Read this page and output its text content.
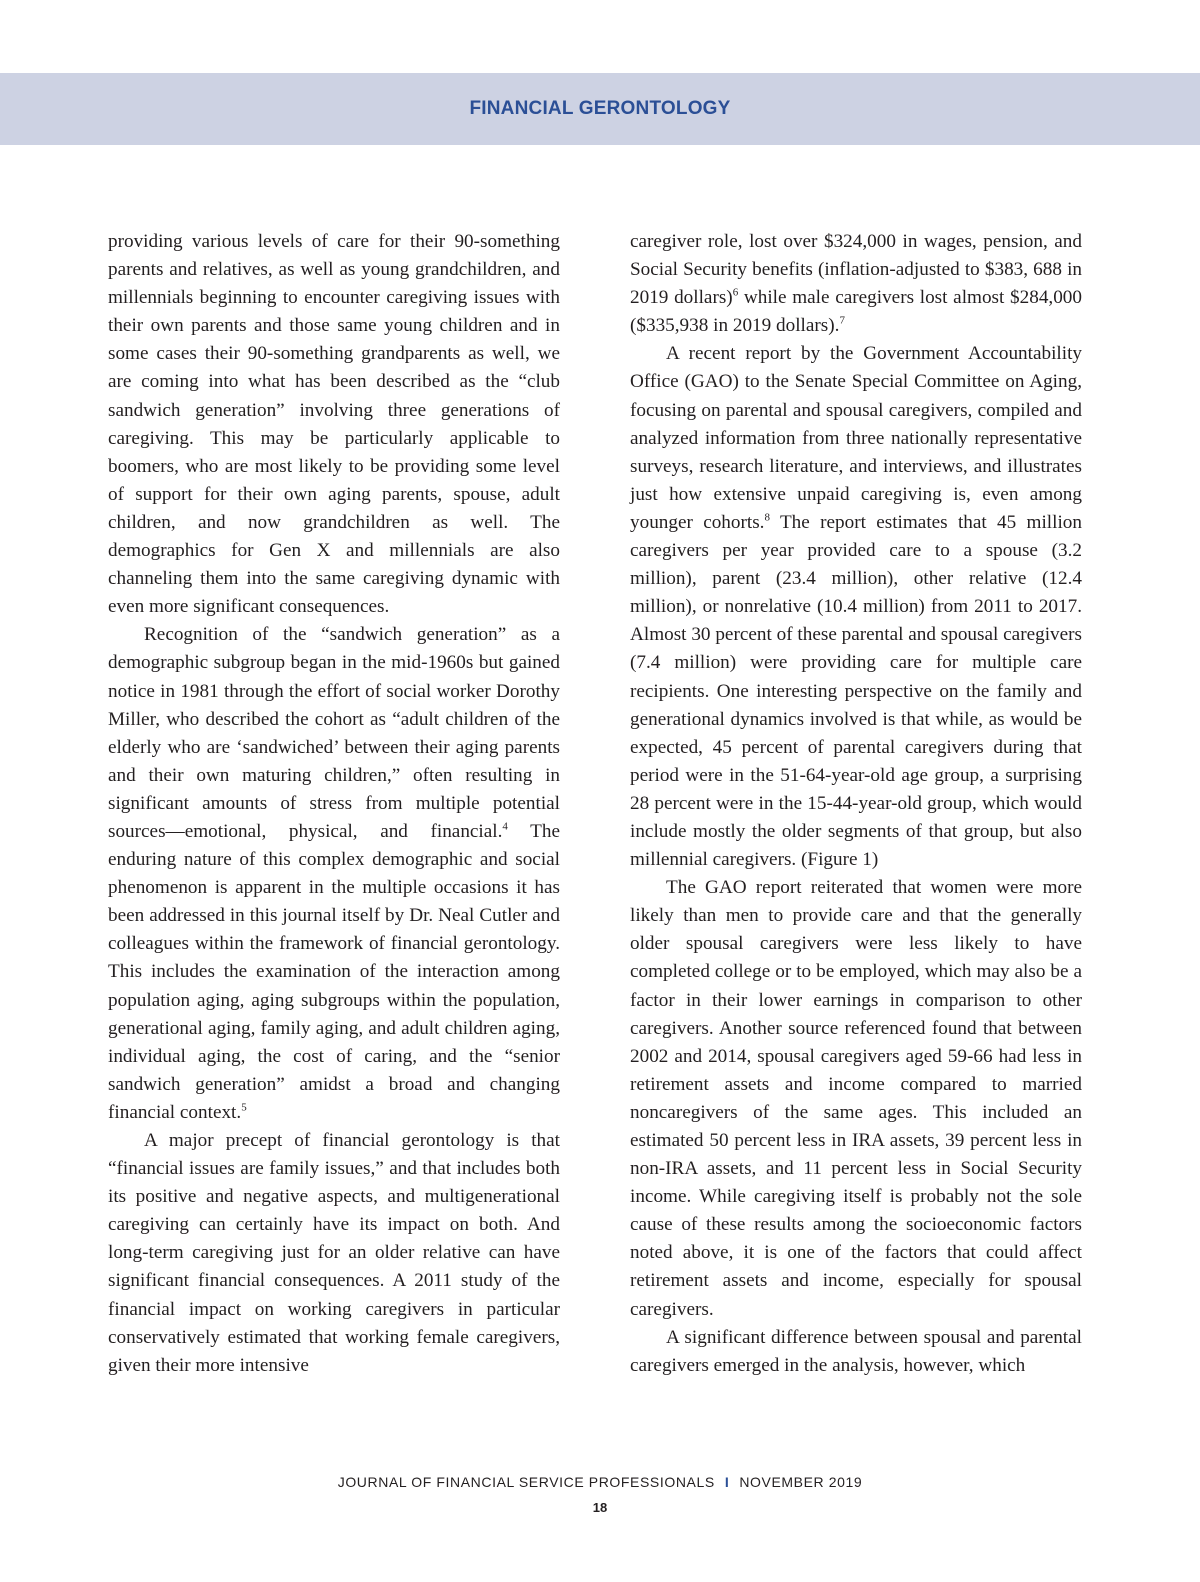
FINANCIAL GERONTOLOGY

providing various levels of care for their 90-something parents and relatives, as well as young grandchildren, and millennials beginning to encounter caregiving issues with their own parents and those same young children and in some cases their 90-something grandparents as well, we are coming into what has been described as the “club sandwich generation” involving three generations of caregiving. This may be particularly applicable to boomers, who are most likely to be providing some level of support for their own aging parents, spouse, adult children, and now grandchildren as well. The demographics for Gen X and millennials are also channeling them into the same caregiving dynamic with even more significant consequences.

Recognition of the “sandwich generation” as a demographic subgroup began in the mid-1960s but gained notice in 1981 through the effort of social worker Dorothy Miller, who described the cohort as “adult children of the elderly who are ‘sandwiched’ between their aging parents and their own maturing children,” often resulting in significant amounts of stress from multiple potential sources—emotional, physical, and financial.$^4$ The enduring nature of this complex demographic and social phenomenon is apparent in the multiple occasions it has been addressed in this journal itself by Dr. Neal Cutler and colleagues within the framework of financial gerontology. This includes the examination of the interaction among population aging, aging subgroups within the population, generational aging, family aging, and adult children aging, individual aging, the cost of caring, and the “senior sandwich generation” amidst a broad and changing financial context.$^5$

A major precept of financial gerontology is that “financial issues are family issues,” and that includes both its positive and negative aspects, and multigenerational caregiving can certainly have its impact on both. And long-term caregiving just for an older relative can have significant financial consequences. A 2011 study of the financial impact on working caregivers in particular conservatively estimated that working female caregivers, given their more intensive

caregiver role, lost over $324,000 in wages, pension, and Social Security benefits (inflation-adjusted to $383, 688 in 2019 dollars)$^6$ while male caregivers lost almost $284,000 ($335,938 in 2019 dollars).$^7$

A recent report by the Government Accountability Office (GAO) to the Senate Special Committee on Aging, focusing on parental and spousal caregivers, compiled and analyzed information from three nationally representative surveys, research literature, and interviews, and illustrates just how extensive unpaid caregiving is, even among younger cohorts.$^8$ The report estimates that 45 million caregivers per year provided care to a spouse (3.2 million), parent (23.4 million), other relative (12.4 million), or nonrelative (10.4 million) from 2011 to 2017. Almost 30 percent of these parental and spousal caregivers (7.4 million) were providing care for multiple care recipients. One interesting perspective on the family and generational dynamics involved is that while, as would be expected, 45 percent of parental caregivers during that period were in the 51-64-year-old age group, a surprising 28 percent were in the 15-44-year-old group, which would include mostly the older segments of that group, but also millennial caregivers. (Figure 1)

The GAO report reiterated that women were more likely than men to provide care and that the generally older spousal caregivers were less likely to have completed college or to be employed, which may also be a factor in their lower earnings in comparison to other caregivers. Another source referenced found that between 2002 and 2014, spousal caregivers aged 59-66 had less in retirement assets and income compared to married noncaregivers of the same ages. This included an estimated 50 percent less in IRA assets, 39 percent less in non-IRA assets, and 11 percent less in Social Security income. While caregiving itself is probably not the sole cause of these results among the socioeconomic factors noted above, it is one of the factors that could affect retirement assets and income, especially for spousal caregivers.

A significant difference between spousal and parental caregivers emerged in the analysis, however, which

JOURNAL OF FINANCIAL SERVICE PROFESSIONALS I NOVEMBER 2019
18
